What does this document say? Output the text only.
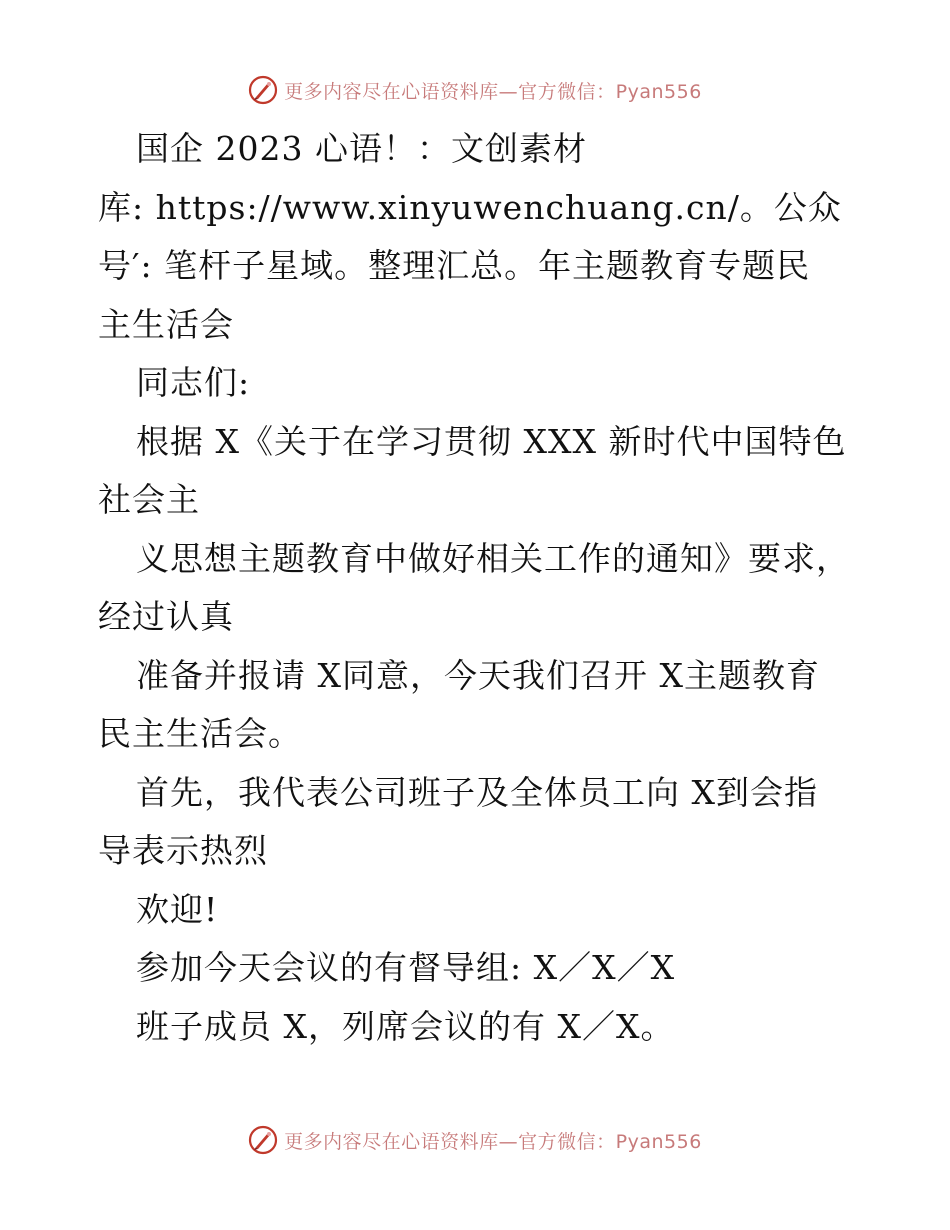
更多内容尽在心语资料库—官方微信：Pyan556
国企 2023 心语！：文创素材
库: https://www.xinyuwenchuang.cn/。公众
号′: 笔杆子星域。整理汇总。年主题教育专题民
主生活会
同志们:
根据 X《关于在学习贯彻 XXX 新时代中国特色
社会主
义思想主题教育中做好相关工作的通知》要求，
经过认真
准备并报请 X同意，今天我们召开 X主题教育
民主生活会。
首先，我代表公司班子及全体员工向 X到会指
导表示热烈
欢迎!
参加今天会议的有督导组: X／X／X
班子成员 X，列席会议的有 X／X。
更多内容尽在心语资料库—官方微信：Pyan556
